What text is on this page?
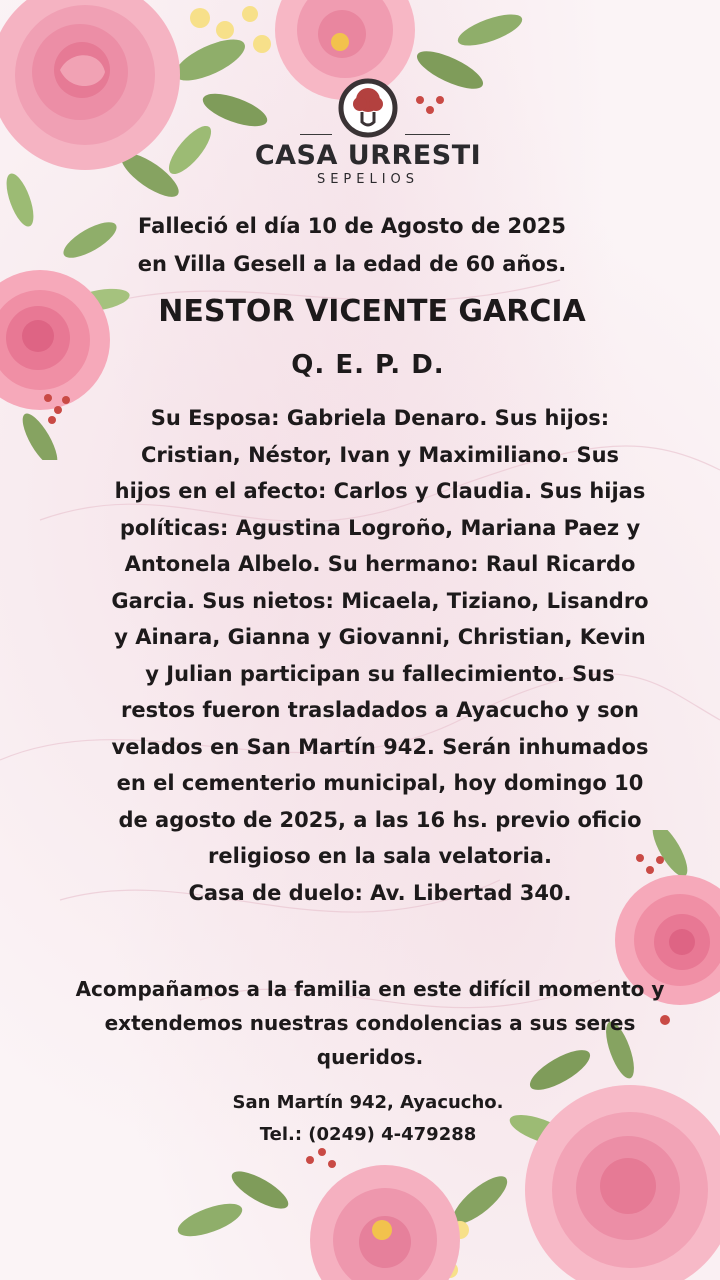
CASA URRESTI
SEPELIOS
Falleció el día 10 de Agosto de 2025
en Villa Gesell a la edad de 60 años.
NESTOR VICENTE GARCIA
Q. E. P. D.
Su Esposa: Gabriela Denaro. Sus hijos:
Cristian, Néstor, Ivan y Maximiliano. Sus
hijos en el afecto: Carlos y Claudia. Sus hijas
políticas: Agustina Logroño, Mariana Paez y
Antonela Albelo. Su hermano: Raul Ricardo
Garcia. Sus nietos: Micaela, Tiziano, Lisandro
y Ainara, Gianna y Giovanni, Christian, Kevin
y Julian participan su fallecimiento. Sus
restos fueron trasladados a Ayacucho y son
velados en San Martín 942. Serán inhumados
en el cementerio municipal, hoy domingo 10
de agosto de 2025, a las 16 hs. previo oficio
religioso en la sala velatoria.
Casa de duelo: Av. Libertad 340.
Acompañamos a la familia en este difícil momento y
extendemos nuestras condolencias a sus seres
queridos.
San Martín 942, Ayacucho.
Tel.: (0249) 4-479288
